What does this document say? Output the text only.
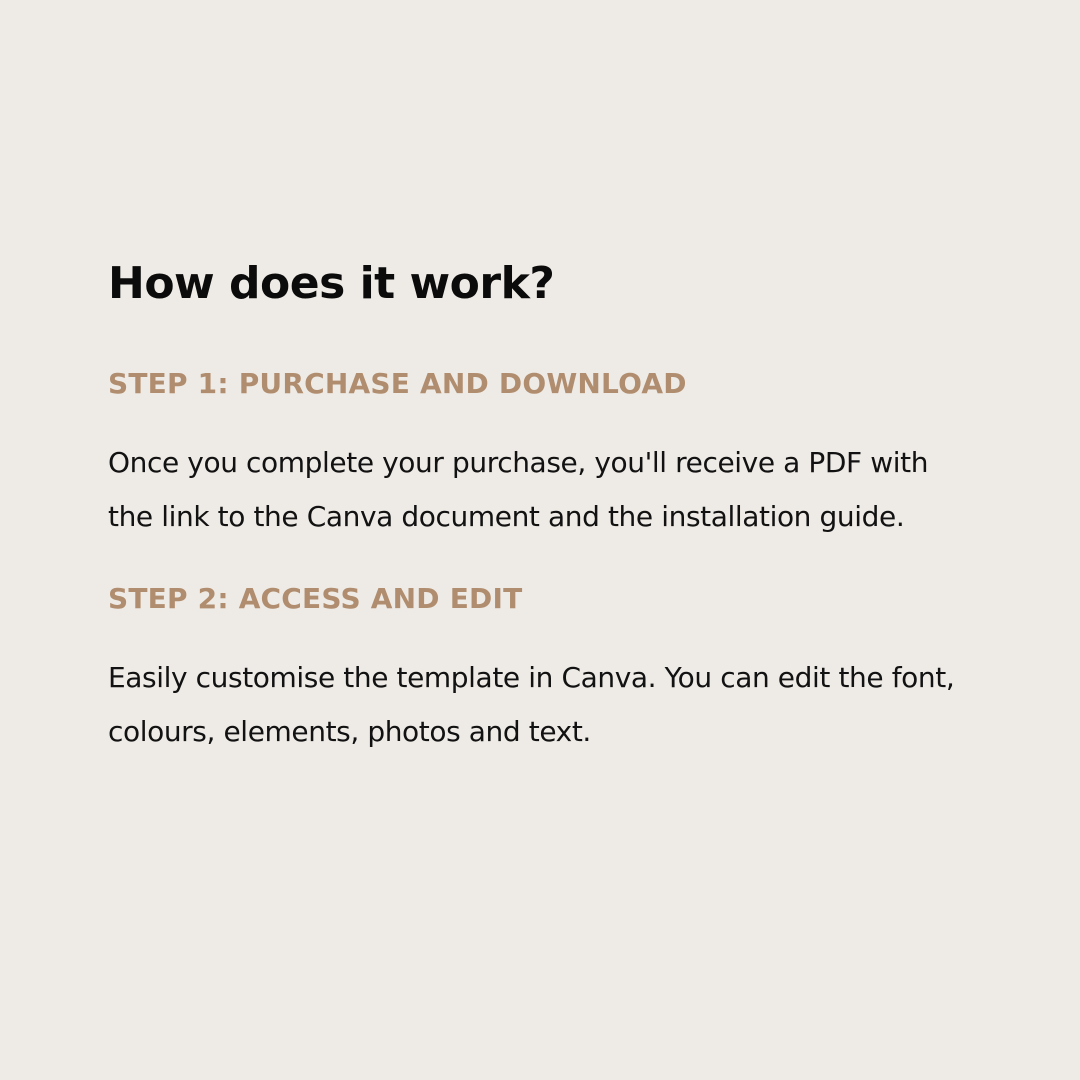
How does it work?
STEP 1: PURCHASE AND DOWNLOAD

Once you complete your purchase, you'll receive a PDF with the link to the Canva document and the installation guide.

STEP 2: ACCESS AND EDIT

Easily customise the template in Canva. You can edit the font, colours, elements, photos and text.
